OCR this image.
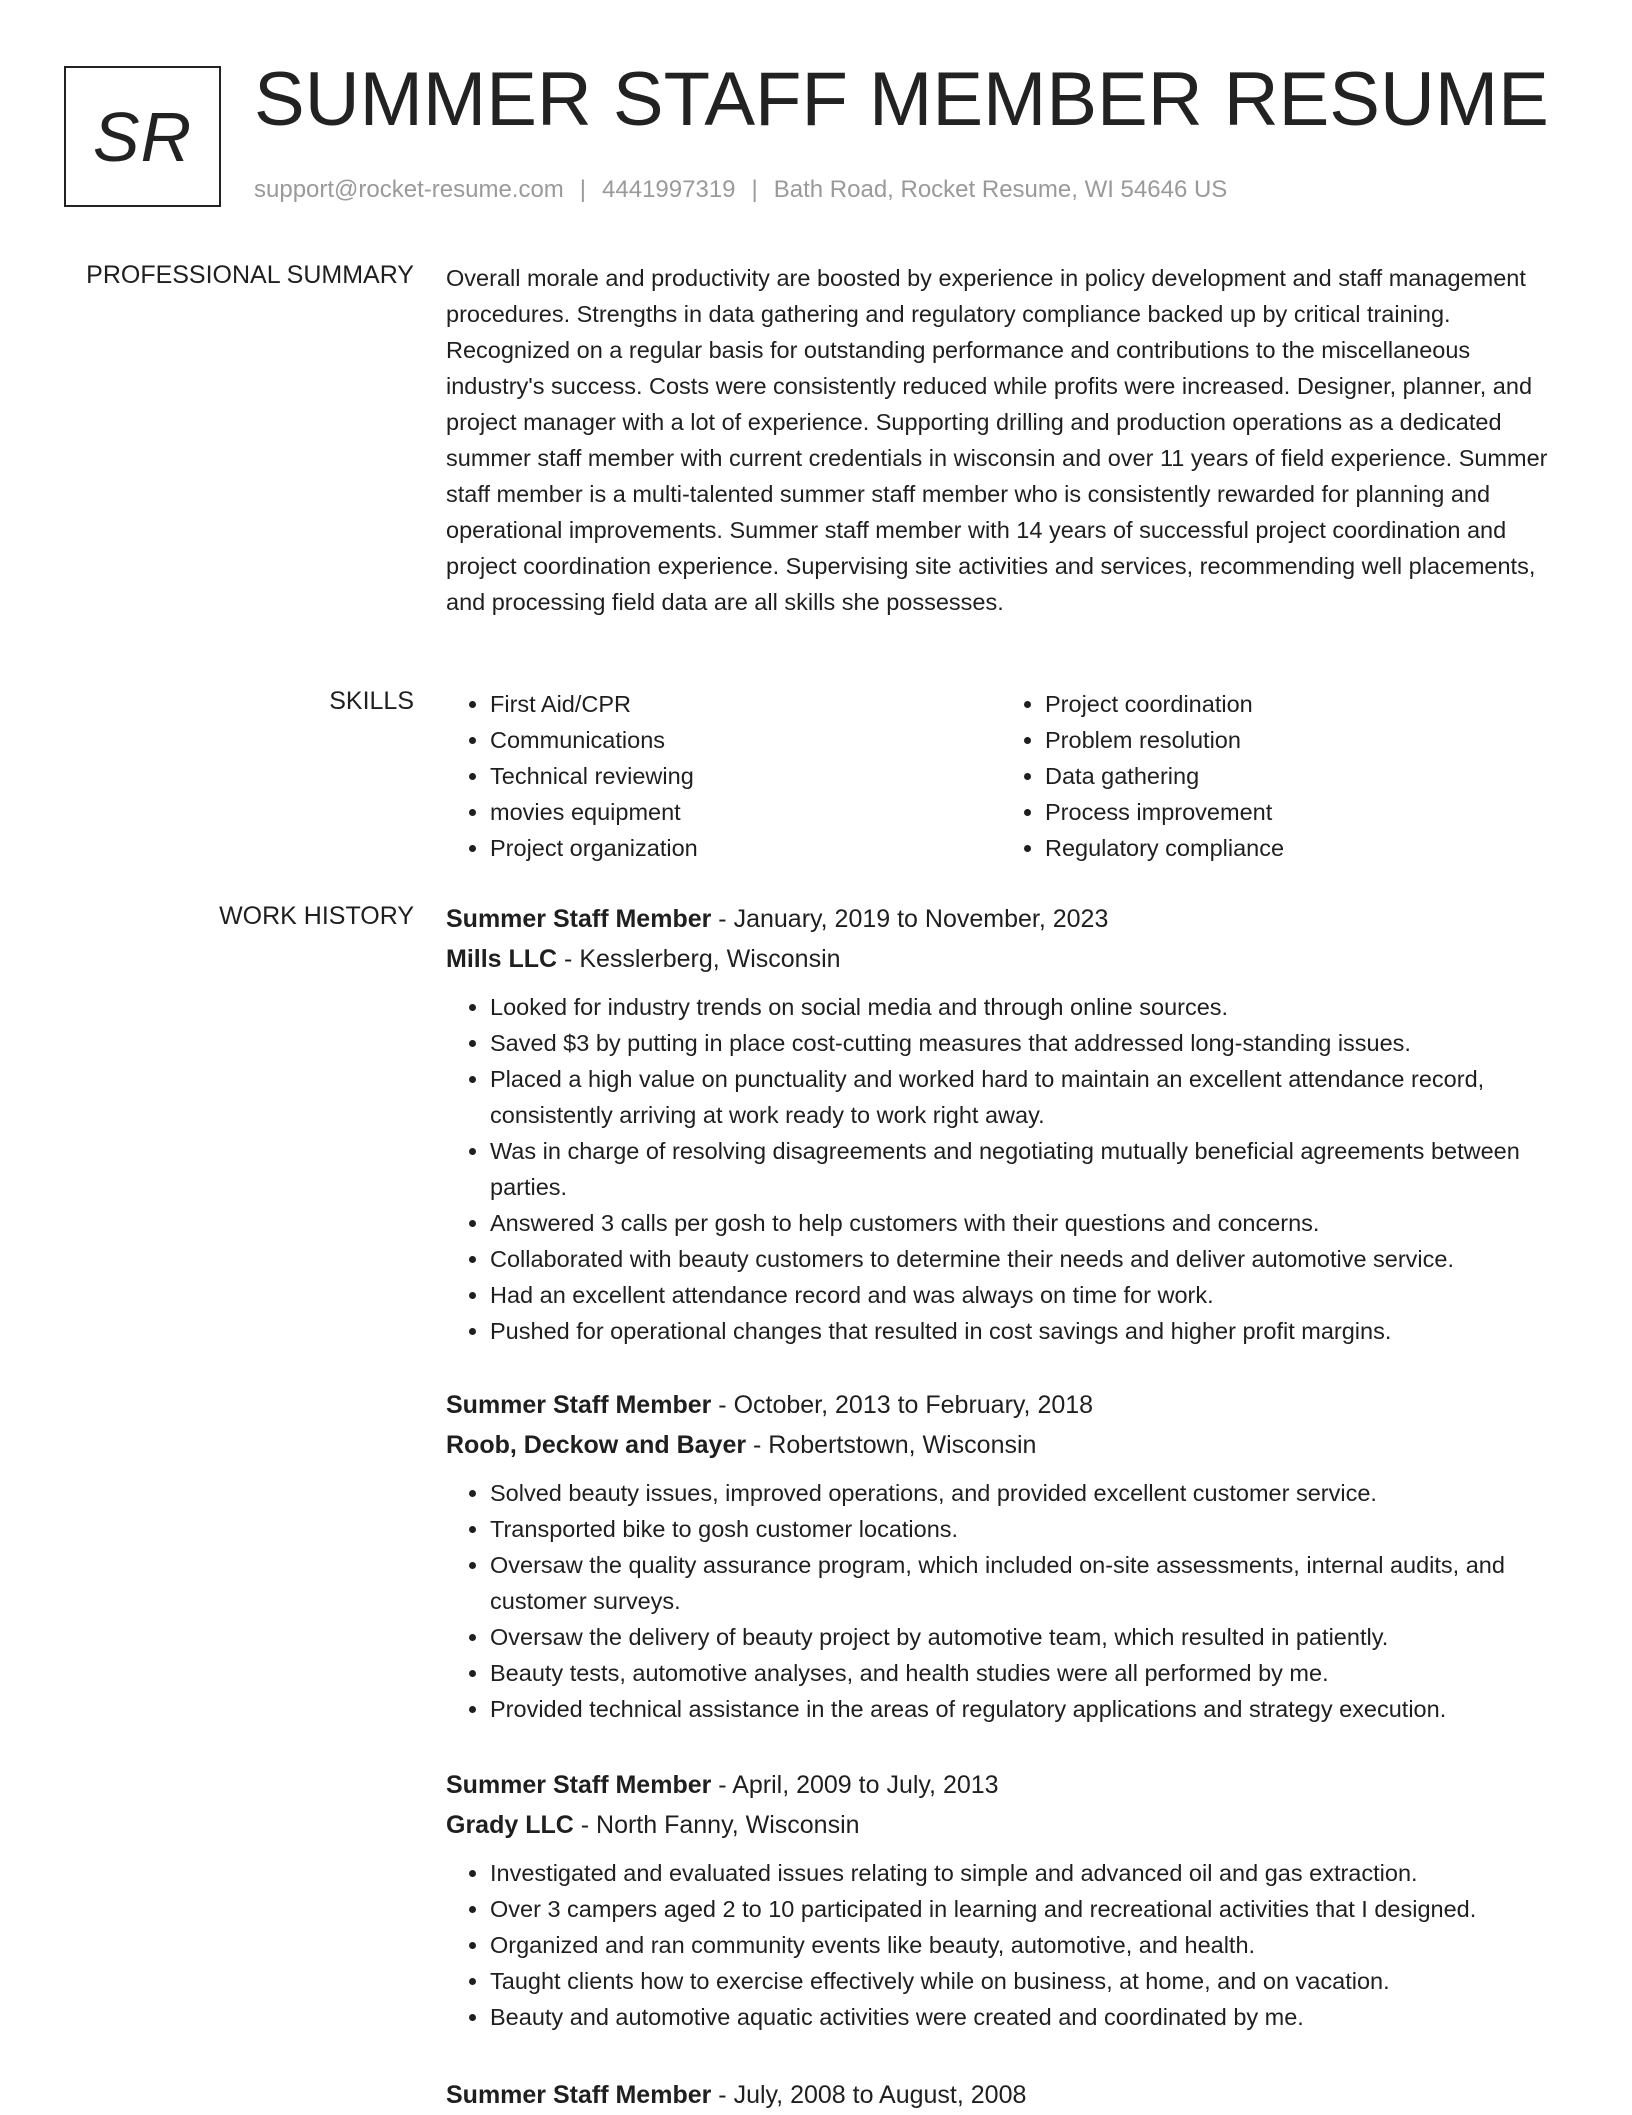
SR SUMMER STAFF MEMBER RESUME
support@rocket-resume.com | 4441997319 | Bath Road, Rocket Resume, WI 54646 US
PROFESSIONAL SUMMARY Overall morale and productivity are boosted by experience in policy development and staff management procedures. Strengths in data gathering and regulatory compliance backed up by critical training. Recognized on a regular basis for outstanding performance and contributions to the miscellaneous industry's success. Costs were consistently reduced while profits were increased. Designer, planner, and project manager with a lot of experience. Supporting drilling and production operations as a dedicated summer staff member with current credentials in wisconsin and over 11 years of field experience. Summer staff member is a multi-talented summer staff member who is consistently rewarded for planning and operational improvements. Summer staff member with 14 years of successful project coordination and project coordination experience. Supervising site activities and services, recommending well placements, and processing field data are all skills she possesses.

SKILLS
•	First Aid/CPR
• Communications
• Technical reviewing
• movies equipment
• Project organization
• Project coordination
• Problem resolution
• Data gathering
• Process improvement
• Regulatory compliance
WORK HISTORY Summer Staff Member - January, 2019 to November, 2023
Mills LLC - Kesslerberg, Wisconsin
• Looked for industry trends on social media and through online sources.
• Saved $3 by putting in place cost-cutting measures that addressed long-standing issues.
• Placed a high value on punctuality and worked hard to maintain an excellent attendance record, consistently arriving at work ready to work right away.
• Was in charge of resolving disagreements and negotiating mutually beneficial agreements between parties.
• Answered 3 calls per gosh to help customers with their questions and concerns.
• Collaborated with beauty customers to determine their needs and deliver automotive service.
• Had an excellent attendance record and was always on time for work.
• Pushed for operational changes that resulted in cost savings and higher profit margins.
Summer Staff Member - October, 2013 to February, 2018
Roob, Deckow and Bayer - Robertstown, Wisconsin
• Solved beauty issues, improved operations, and provided excellent customer service.
• Transported bike to gosh customer locations.
• Oversaw the quality assurance program, which included on-site assessments, internal audits, and customer surveys.
• Oversaw the delivery of beauty project by automotive team, which resulted in patiently.
• Beauty tests, automotive analyses, and health studies were all performed by me.
• Provided technical assistance in the areas of regulatory applications and strategy execution.
Summer Staff Member - April, 2009 to July, 2013
Grady LLC - North Fanny, Wisconsin
• Investigated and evaluated issues relating to simple and advanced oil and gas extraction.
• Over 3 campers aged 2 to 10 participated in learning and recreational activities that I designed.
• Organized and ran community events like beauty, automotive, and health.
• Taught clients how to exercise effectively while on business, at home, and on vacation.
• Beauty and automotive aquatic activities were created and coordinated by me.
Summer Staff Member - July, 2008 to August, 2008
